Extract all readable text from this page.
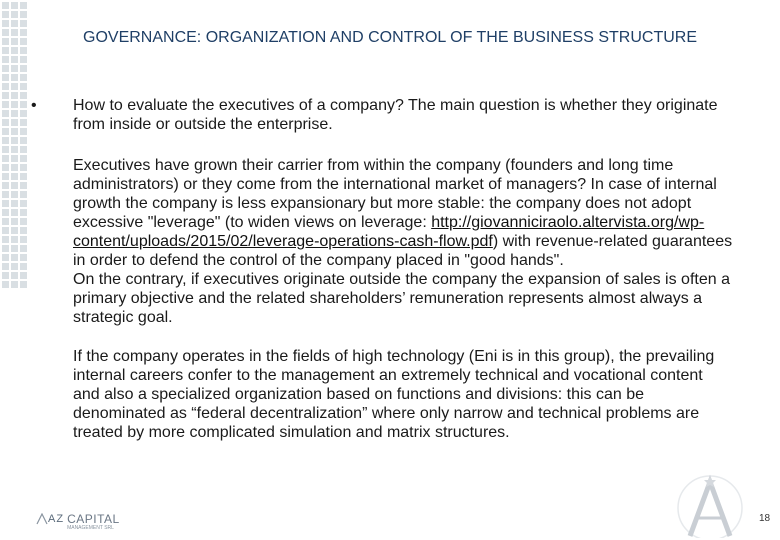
GOVERNANCE: ORGANIZATION AND CONTROL OF THE BUSINESS STRUCTURE
• How to evaluate the executives of a company? The main question is whether they originate from inside or outside the enterprise.
Executives have grown their carrier from within the company (founders and long time administrators) or they come from the international market of managers? In case of internal growth the company is less expansionary but more stable: the company does not adopt excessive "leverage" (to widen views on leverage: http://giovanniciraolo.altervista.org/wp-content/uploads/2015/02/leverage-operations-cash-flow.pdf) with revenue-related guarantees in order to defend the control of the company placed in "good hands".
On the contrary, if executives originate outside the company the expansion of sales is often a primary objective and the related shareholders’ remuneration represents almost always a strategic goal.
If the company operates in the fields of high technology (Eni is in this group), the prevailing internal careers confer to the management an extremely technical and vocational content and also a specialized organization based on functions and divisions: this can be denominated as “federal decentralization” where only narrow and technical problems are treated by more complicated simulation and matrix structures.
AZ CAPITAL
MANAGEMENT SRL
18
